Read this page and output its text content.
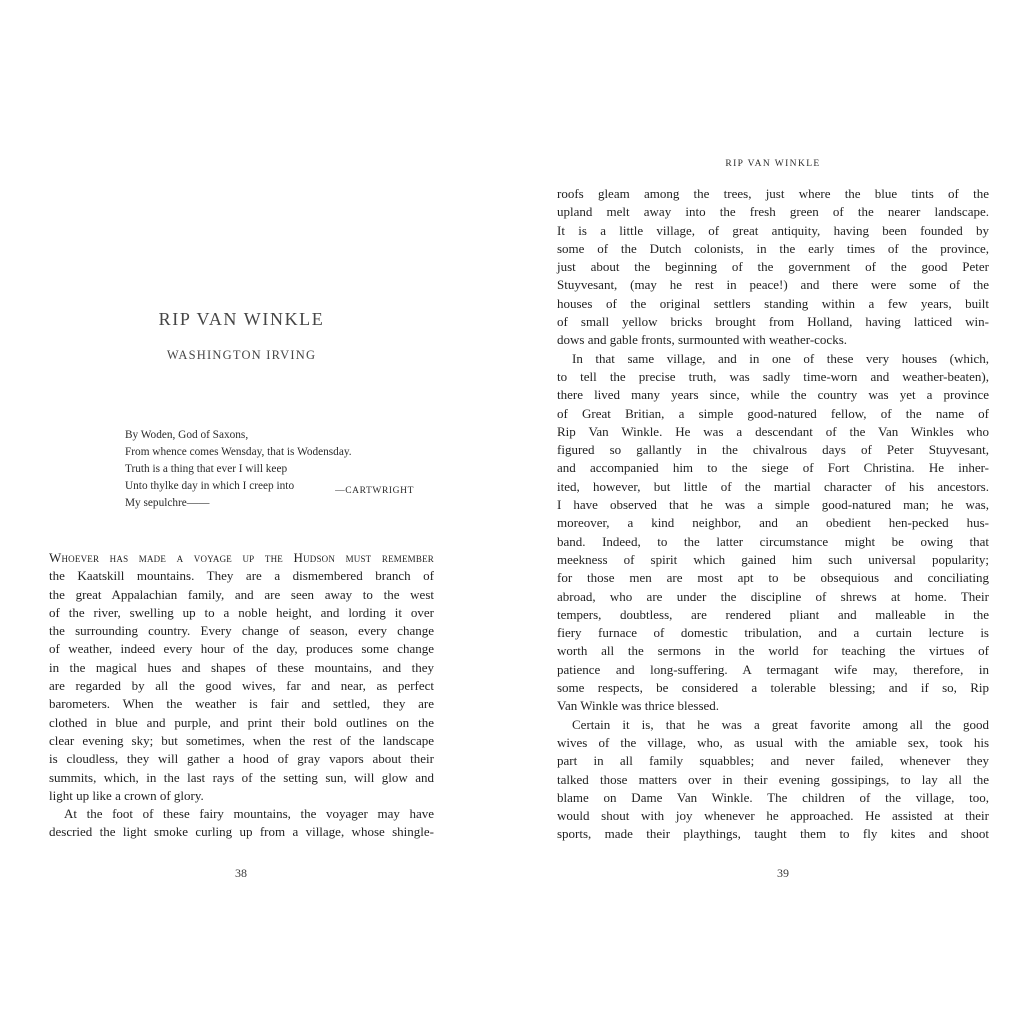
RIP VAN WINKLE
WASHINGTON IRVING
By Woden, God of Saxons,
From whence comes Wensday, that is Wodensday.
Truth is a thing that ever I will keep
Unto thylke day in which I creep into
My sepulchre——
—CARTWRIGHT
Whoever has made a voyage up the Hudson must remember
the Kaatskill mountains. They are a dismembered branch of
the great Appalachian family, and are seen away to the west
of the river, swelling up to a noble height, and lording it over
the surrounding country. Every change of season, every change
of weather, indeed every hour of the day, produces some change
in the magical hues and shapes of these mountains, and they
are regarded by all the good wives, far and near, as perfect
barometers. When the weather is fair and settled, they are
clothed in blue and purple, and print their bold outlines on the
clear evening sky; but sometimes, when the rest of the landscape
is cloudless, they will gather a hood of gray vapors about their
summits, which, in the last rays of the setting sun, will glow and
light up like a crown of glory.
At the foot of these fairy mountains, the voyager may have
descried the light smoke curling up from a village, whose shingle-
38
RIP VAN WINKLE
roofs gleam among the trees, just where the blue tints of the
upland melt away into the fresh green of the nearer landscape.
It is a little village, of great antiquity, having been founded by
some of the Dutch colonists, in the early times of the province,
just about the beginning of the government of the good Peter
Stuyvesant, (may he rest in peace!) and there were some of the
houses of the original settlers standing within a few years, built
of small yellow bricks brought from Holland, having latticed win-
dows and gable fronts, surmounted with weather-cocks.
In that same village, and in one of these very houses (which,
to tell the precise truth, was sadly time-worn and weather-beaten),
there lived many years since, while the country was yet a province
of Great Britian, a simple good-natured fellow, of the name of
Rip Van Winkle. He was a descendant of the Van Winkles who
figured so gallantly in the chivalrous days of Peter Stuyvesant,
and accompanied him to the siege of Fort Christina. He inher-
ited, however, but little of the martial character of his ancestors.
I have observed that he was a simple good-natured man; he was,
moreover, a kind neighbor, and an obedient hen-pecked hus-
band. Indeed, to the latter circumstance might be owing that
meekness of spirit which gained him such universal popularity;
for those men are most apt to be obsequious and conciliating
abroad, who are under the discipline of shrews at home. Their
tempers, doubtless, are rendered pliant and malleable in the
fiery furnace of domestic tribulation, and a curtain lecture is
worth all the sermons in the world for teaching the virtues of
patience and long-suffering. A termagant wife may, therefore, in
some respects, be considered a tolerable blessing; and if so, Rip
Van Winkle was thrice blessed.
Certain it is, that he was a great favorite among all the good
wives of the village, who, as usual with the amiable sex, took his
part in all family squabbles; and never failed, whenever they
talked those matters over in their evening gossipings, to lay all the
blame on Dame Van Winkle. The children of the village, too,
would shout with joy whenever he approached. He assisted at their
sports, made their playthings, taught them to fly kites and shoot
39
